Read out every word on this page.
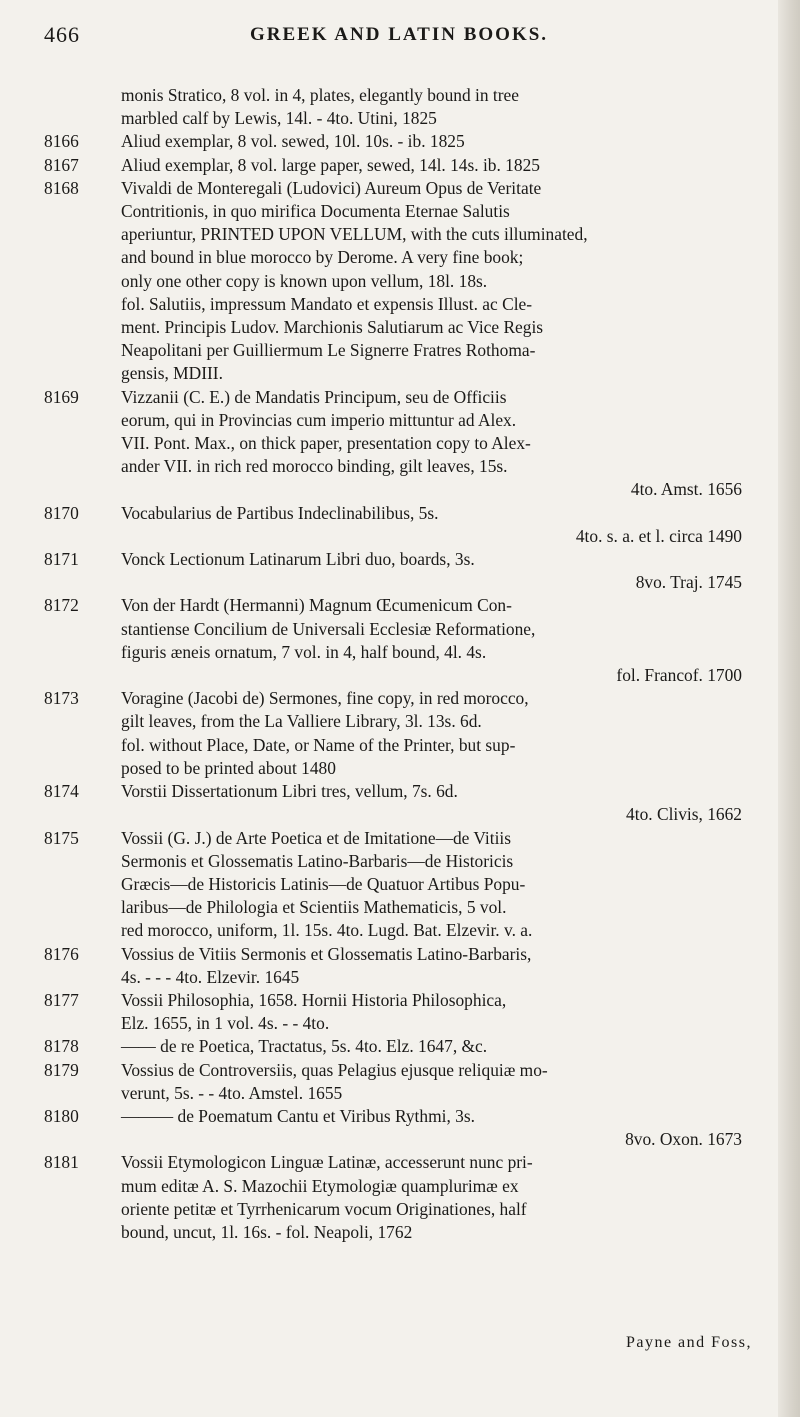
466	GREEK AND LATIN BOOKS.
monis Stratico, 8 vol. in 4, plates, elegantly bound in tree
marbled calf by Lewis, 14l. - 4to. Utini, 1825
8166	Aliud exemplar, 8 vol. sewed, 10l. 10s. - ib. 1825
8167	Aliud exemplar, 8 vol. large paper, sewed, 14l. 14s. ib. 1825
8168	Vivaldi de Monteregali (Ludovici) Aureum Opus de Veritate
Contritionis, in quo mirifica Documenta Eternae Salutis
aperiuntur, PRINTED UPON VELLUM, with the cuts illuminated,
and bound in blue morocco by Derome. A very fine book;
only one other copy is known upon vellum, 18l. 18s.
fol. Salutiis, impressum Mandato et expensis Illust. ac Cle-
ment. Principis Ludov. Marchionis Salutiarum ac Vice Regis
Neapolitani per Guilliermum Le Signerre Fratres Rothoma-
gensis, MDIII.
8169	Vizzanii (C. E.) de Mandatis Principum, seu de Officiis
eorum, qui in Provincias cum imperio mittuntur ad Alex.
VII. Pont. Max., on thick paper, presentation copy to Alex-
ander VII. in rich red morocco binding, gilt leaves, 15s.
4to. Amst. 1656
8170	Vocabularius de Partibus Indeclinabilibus, 5s.
4to. s. a. et l. circa 1490
8171	Vonck Lectionum Latinarum Libri duo, boards, 3s.
8vo. Traj. 1745
8172	Von der Hardt (Hermanni) Magnum Œcumenicum Con-
stantiense Concilium de Universali Ecclesiæ Reformatione,
figuris æneis ornatum, 7 vol. in 4, half bound, 4l. 4s.
fol. Francof. 1700
8173	Voragine (Jacobi de) Sermones, fine copy, in red morocco,
gilt leaves, from the La Valliere Library, 3l. 13s. 6d.
fol. without Place, Date, or Name of the Printer, but sup-
posed to be printed about 1480
8174	Vorstii Dissertationum Libri tres, vellum, 7s. 6d.
4to. Clivis, 1662
8175	Vossii (G. J.) de Arte Poetica et de Imitatione—de Vitiis
Sermonis et Glossematis Latino-Barbaris—de Historicis
Græcis—de Historicis Latinis—de Quatuor Artibus Popu-
laribus—de Philologia et Scientiis Mathematicis, 5 vol.
red morocco, uniform, 1l. 15s. 4to. Lugd. Bat. Elzevir. v. a.
8176	Vossius de Vitiis Sermonis et Glossematis Latino-Barbaris,
4s. - - - 4to. Elzevir. 1645
8177	Vossii Philosophia, 1658. Hornii Historia Philosophica,
Elz. 1655, in 1 vol. 4s. - - 4to.
8178	—— de re Poetica, Tractatus, 5s. 4to. Elz. 1647, &c.
8179	Vossius de Controversiis, quas Pelagius ejusque reliquiæ mo-
verunt, 5s. - - 4to. Amstel. 1655
8180	——— de Poematum Cantu et Viribus Rythmi, 3s.
8vo. Oxon. 1673
8181	Vossii Etymologicon Linguæ Latinæ, accesserunt nunc pri-
mum editæ A. S. Mazochii Etymologiæ quamplurimæ ex
oriente petitæ et Tyrrhenicarum vocum Originationes, half
bound, uncut, 1l. 16s. - fol. Neapoli, 1762
Payne and Foss,
